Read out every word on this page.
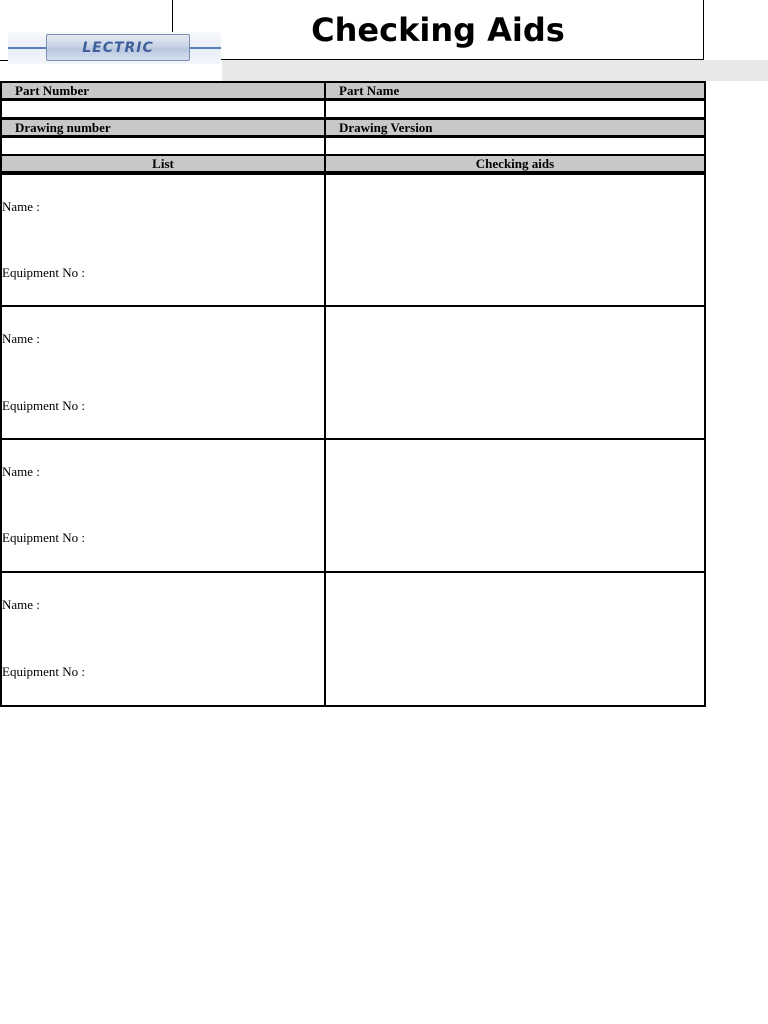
Checking Aids
LECTRIC
Part Number	Part Name
Drawing number	Drawing Version
List	Checking aids
Name :
Equipment No :
Name :
Equipment No :
Name :
Equipment No :
Name :
Equipment No :
